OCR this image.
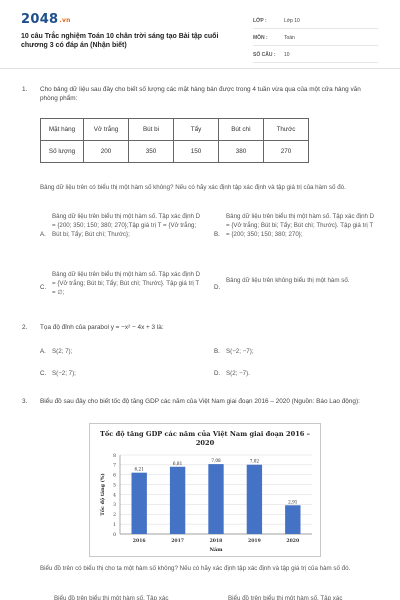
2048.vn
10 câu Trắc nghiệm Toán 10 chân trời sáng tạo Bài tập cuối chương 3 có đáp án (Nhận biết)
LỚP :	Lớp 10
MÔN :	Toán
SỐ CÂU : 10
1. Cho bảng dữ liệu sau đây cho biết số lượng các mặt hàng bán được trong 4 tuần vừa qua của một cửa hàng văn phòng phẩm:
Mặt hàng	Vở trắng	Bút bi	Tẩy	Bút chì	Thước
Số lượng	200	350	150	380	270
Bảng dữ liệu trên có biểu thị một hàm số không? Nếu có hãy xác định tập xác định và tập giá trị của hàm số đó.
A.
Bảng dữ liệu trên biểu thị một hàm số. Tập xác định D = {200; 350; 150; 380; 270};Tập giá trị T = {Vở trắng; Bút bi; Tẩy; Bút chì; Thước};	B.
Bảng dữ liệu trên biểu thị một hàm số. Tập xác định D = {Vở trắng; Bút bi; Tẩy; Bút chì; Thước}. Tập giá trị T = {200; 350; 150; 380; 270};
C.
Bảng dữ liệu trên biểu thị một hàm số. Tập xác định D = {Vở trắng; Bút bi; Tẩy; Bút chì; Thước}. Tập giá trị T = ∅;
D.
Bảng dữ liệu trên không biểu thị một hàm số.
2. Tọa độ đỉnh của parabol y = −x² − 4x + 3 là:
A. S(2; 7);	B. S(−2; −7);
C. S(−2; 7);	D. S(2; −7).
3. Biểu đồ sau đây cho biết tốc độ tăng GDP các năm của Việt Nam giai đoạn 2016 – 2020 (Nguồn: Báo Lao động):
Tốc độ tăng GDP các năm của Việt Nam giai đoạn 2016 – 2020
0
1
2
3
4
5
6
7
8
6,21
2016
6,81
2017
7,08
2018
7,02
2019
2,91
2020
Năm
Tốc độ tăng (%)
Biểu đồ trên có biểu thị cho ta một hàm số không? Nếu có hãy xác định tập xác định và tập giá trị của hàm số đó.
Biểu đồ trên biểu thị một hàm số. Tập xác	Biểu đồ trên biểu thị một hàm số. Tập xác
